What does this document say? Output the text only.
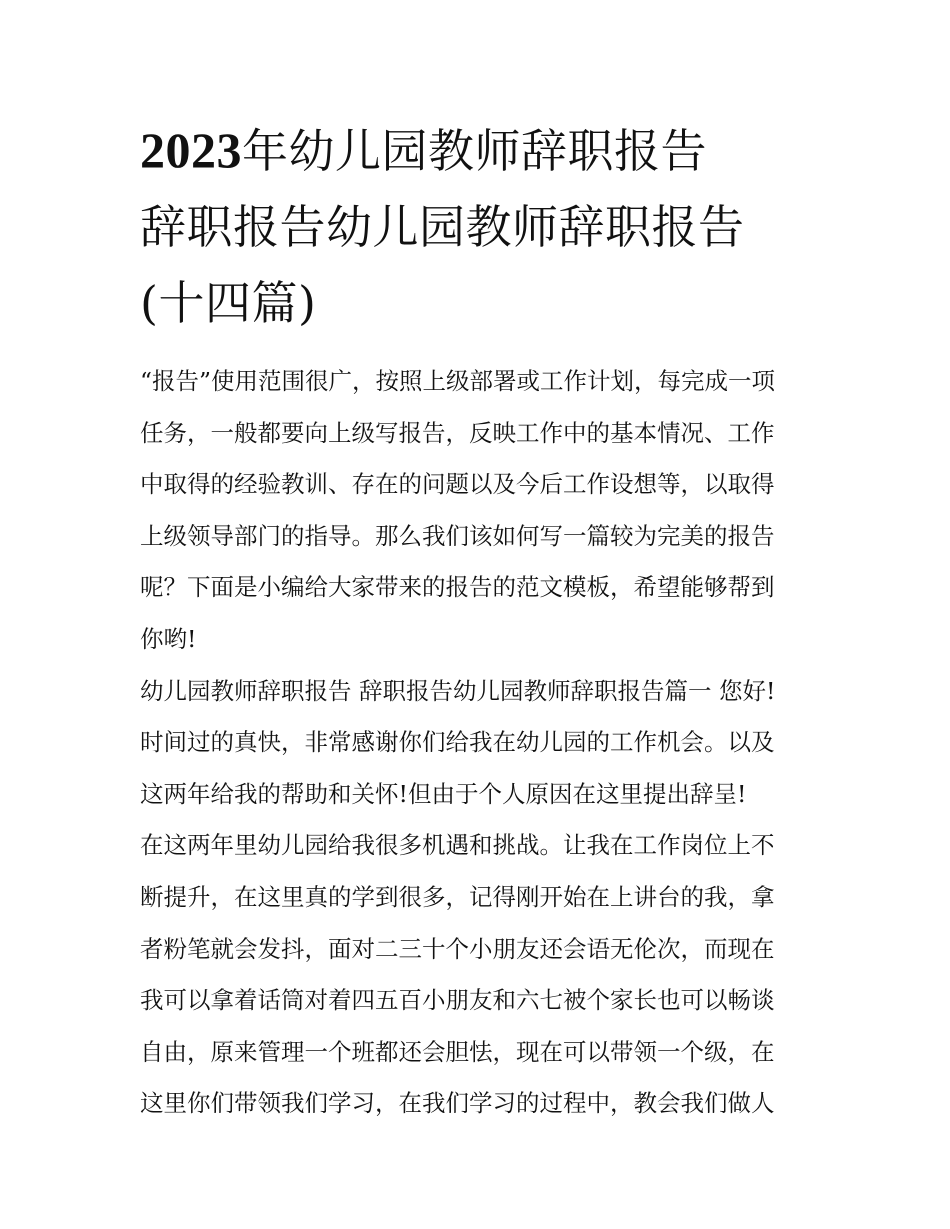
2023年幼儿园教师辞职报告
辞职报告幼儿园教师辞职报告
(十四篇)
“报告”使用范围很广，按照上级部署或工作计划，每完成一项
任务，一般都要向上级写报告，反映工作中的基本情况、工作
中取得的经验教训、存在的问题以及今后工作设想等，以取得
上级领导部门的指导。那么我们该如何写一篇较为完美的报告
呢？下面是小编给大家带来的报告的范文模板，希望能够帮到
你哟!
幼儿园教师辞职报告 辞职报告幼儿园教师辞职报告篇一 您好!
时间过的真快，非常感谢你们给我在幼儿园的工作机会。以及
这两年给我的帮助和关怀!但由于个人原因在这里提出辞呈!
在这两年里幼儿园给我很多机遇和挑战。让我在工作岗位上不
断提升，在这里真的学到很多，记得刚开始在上讲台的我，拿
者粉笔就会发抖，面对二三十个小朋友还会语无伦次，而现在
我可以拿着话筒对着四五百小朋友和六七被个家长也可以畅谈
自由，原来管理一个班都还会胆怯，现在可以带领一个级，在
这里你们带领我们学习，在我们学习的过程中，教会我们做人
